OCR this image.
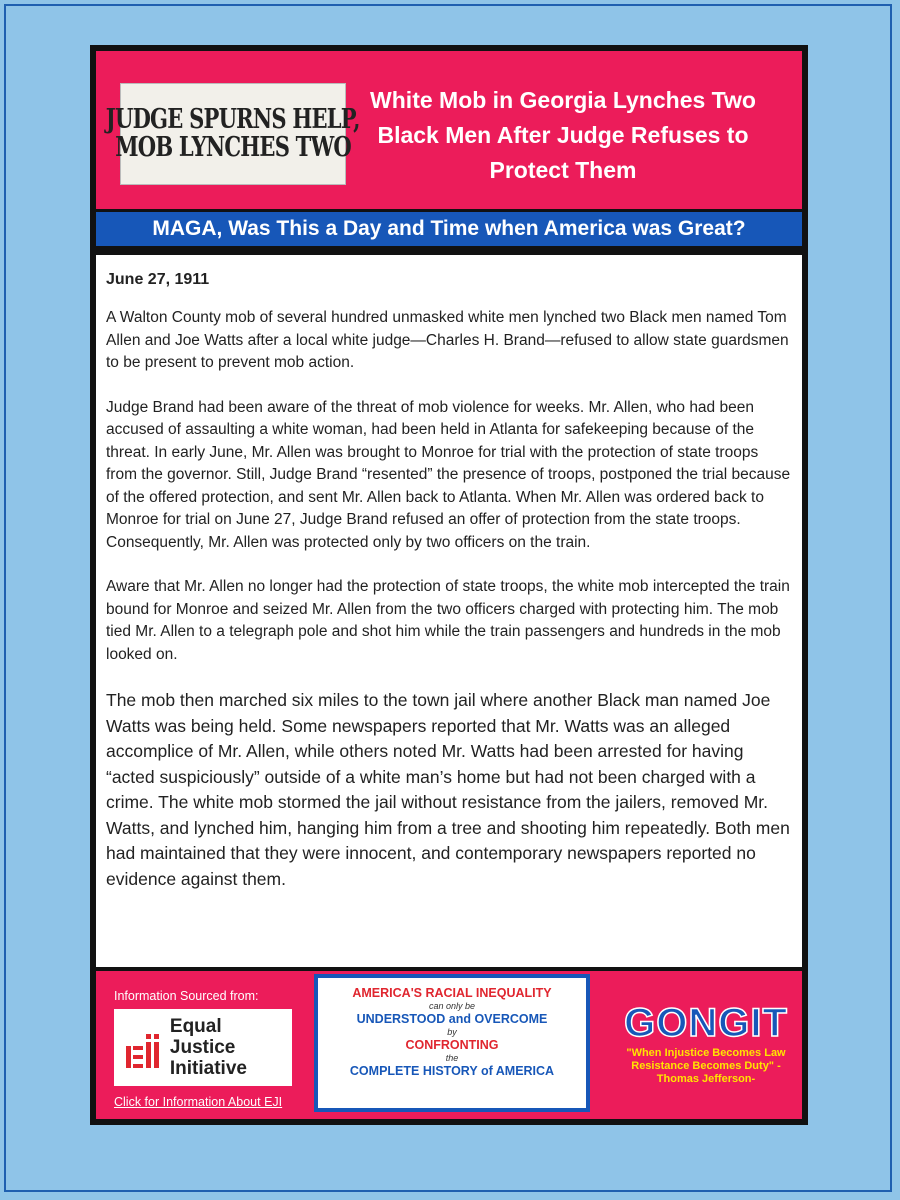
JUDGE SPURNS HELP,
MOB LYNCHES TWO
White Mob in Georgia Lynches Two Black Men After Judge Refuses to Protect Them
MAGA, Was This a Day and Time when America was Great?

June 27, 1911

A Walton County mob of several hundred unmasked white men lynched two Black men named Tom Allen and Joe Watts after a local white judge—Charles H. Brand—refused to allow state guardsmen to be present to prevent mob action.

Judge Brand had been aware of the threat of mob violence for weeks. Mr. Allen, who had been accused of assaulting a white woman, had been held in Atlanta for safekeeping because of the threat. In early June, Mr. Allen was brought to Monroe for trial with the protection of state troops from the governor. Still, Judge Brand “resented” the presence of troops, postponed the trial because of the offered protection, and sent Mr. Allen back to Atlanta. When Mr. Allen was ordered back to Monroe for trial on June 27, Judge Brand refused an offer of protection from the state troops. Consequently, Mr. Allen was protected only by two officers on the train.

Aware that Mr. Allen no longer had the protection of state troops, the white mob intercepted the train bound for Monroe and seized Mr. Allen from the two officers charged with protecting him. The mob tied Mr. Allen to a telegraph pole and shot him while the train passengers and hundreds in the mob looked on.

The mob then marched six miles to the town jail where another Black man named Joe Watts was being held. Some newspapers reported that Mr. Watts was an alleged accomplice of Mr. Allen, while others noted Mr. Watts had been arrested for having “acted suspiciously” outside of a white man’s home but had not been charged with a crime. The white mob stormed the jail without resistance from the jailers, removed Mr. Watts, and lynched him, hanging him from a tree and shooting him repeatedly. Both men had maintained that they were innocent, and contemporary newspapers reported no evidence against them.

Information Sourced from:
Equal Justice
Initiative
Click for Information About EJI
AMERICA'S RACIAL INEQUALITY
can only be
UNDERSTOOD and OVERCOME
by
CONFRONTING
the
COMPLETE HISTORY of AMERICA
GONGIT
"When Injustice Becomes Law Resistance Becomes Duty" - Thomas Jefferson-
